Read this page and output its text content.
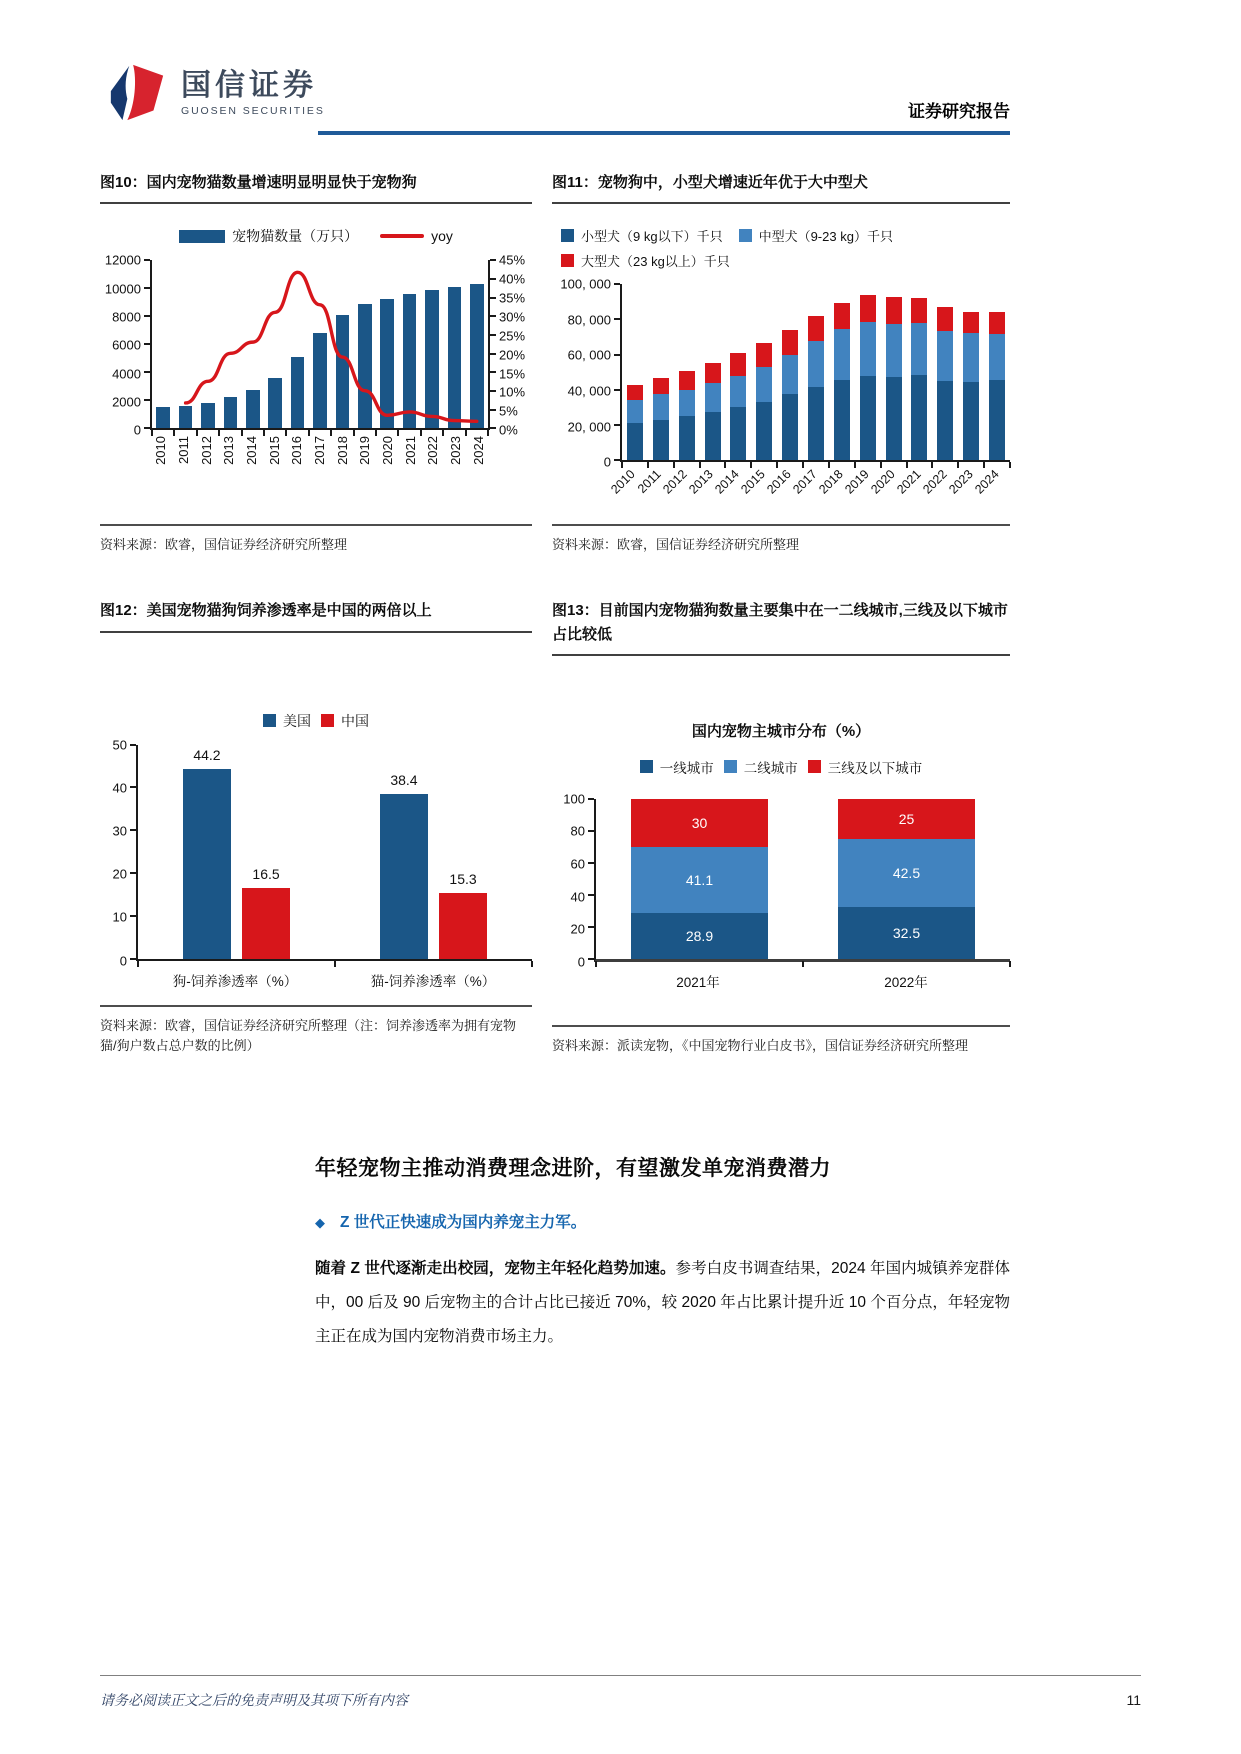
国信证券
GUOSEN SECURITIES	证券研究报告
图10：国内宠物猫数量增速明显明显快于宠物狗
宠物猫数量（万只）	yoy
12000
10000
8000
6000
4000
2000
0
45%
40%
35%
30%
25%
20%
15%
10%
5%
0%
2010 2011 2012 2013 2014 2015 2016 2017 2018 2019 2020 2021 2022 2023 2024
资料来源：欧睿，国信证券经济研究所整理
图11：宠物狗中，小型犬增速近年优于大中型犬
小型犬（9 kg以下）千只	中型犬（9-23 kg）千只
大型犬（23 kg以上）千只
100, 000
80, 000
60, 000
40, 000
20, 000
0
2010
2011
2012
2013
2014
2015
2016
2017
2018
2019
2020
2021
2022
2023
2024
资料来源：欧睿，国信证券经济研究所整理
图12：美国宠物猫狗饲养渗透率是中国的两倍以上
美国 中国
50
40
30
20
10
0
44.2
38.4
16.5	15.3
狗-饲养渗透率（%）	猫-饲养渗透率（%）
资料来源：欧睿，国信证券经济研究所整理（注：饲养渗透率为拥有宠物猫/狗户数占总户数的比例）
图13：目前国内宠物猫狗数量主要集中在一二线城市,三线及以下城市占比较低
国内宠物主城市分布（%）
一线城市 二线城市 三线及以下城市
100
80
60
40
20
0
28.9
41.1
30
32.5
42.5
25
2021年	2022年
资料来源：派读宠物，《中国宠物行业白皮书》，国信证券经济研究所整理
年轻宠物主推动消费理念进阶，有望激发单宠消费潜力
◆ Z 世代正快速成为国内养宠主力军。

随着 Z 世代逐渐走出校园，宠物主年轻化趋势加速。参考白皮书调查结果，2024 年国内城镇养宠群体中，00 后及 90 后宠物主的合计占比已接近 70%，较 2020 年占比累计提升近 10 个百分点，年轻宠物主正在成为国内宠物消费市场主力。

请务必阅读正文之后的免责声明及其项下所有内容	11
